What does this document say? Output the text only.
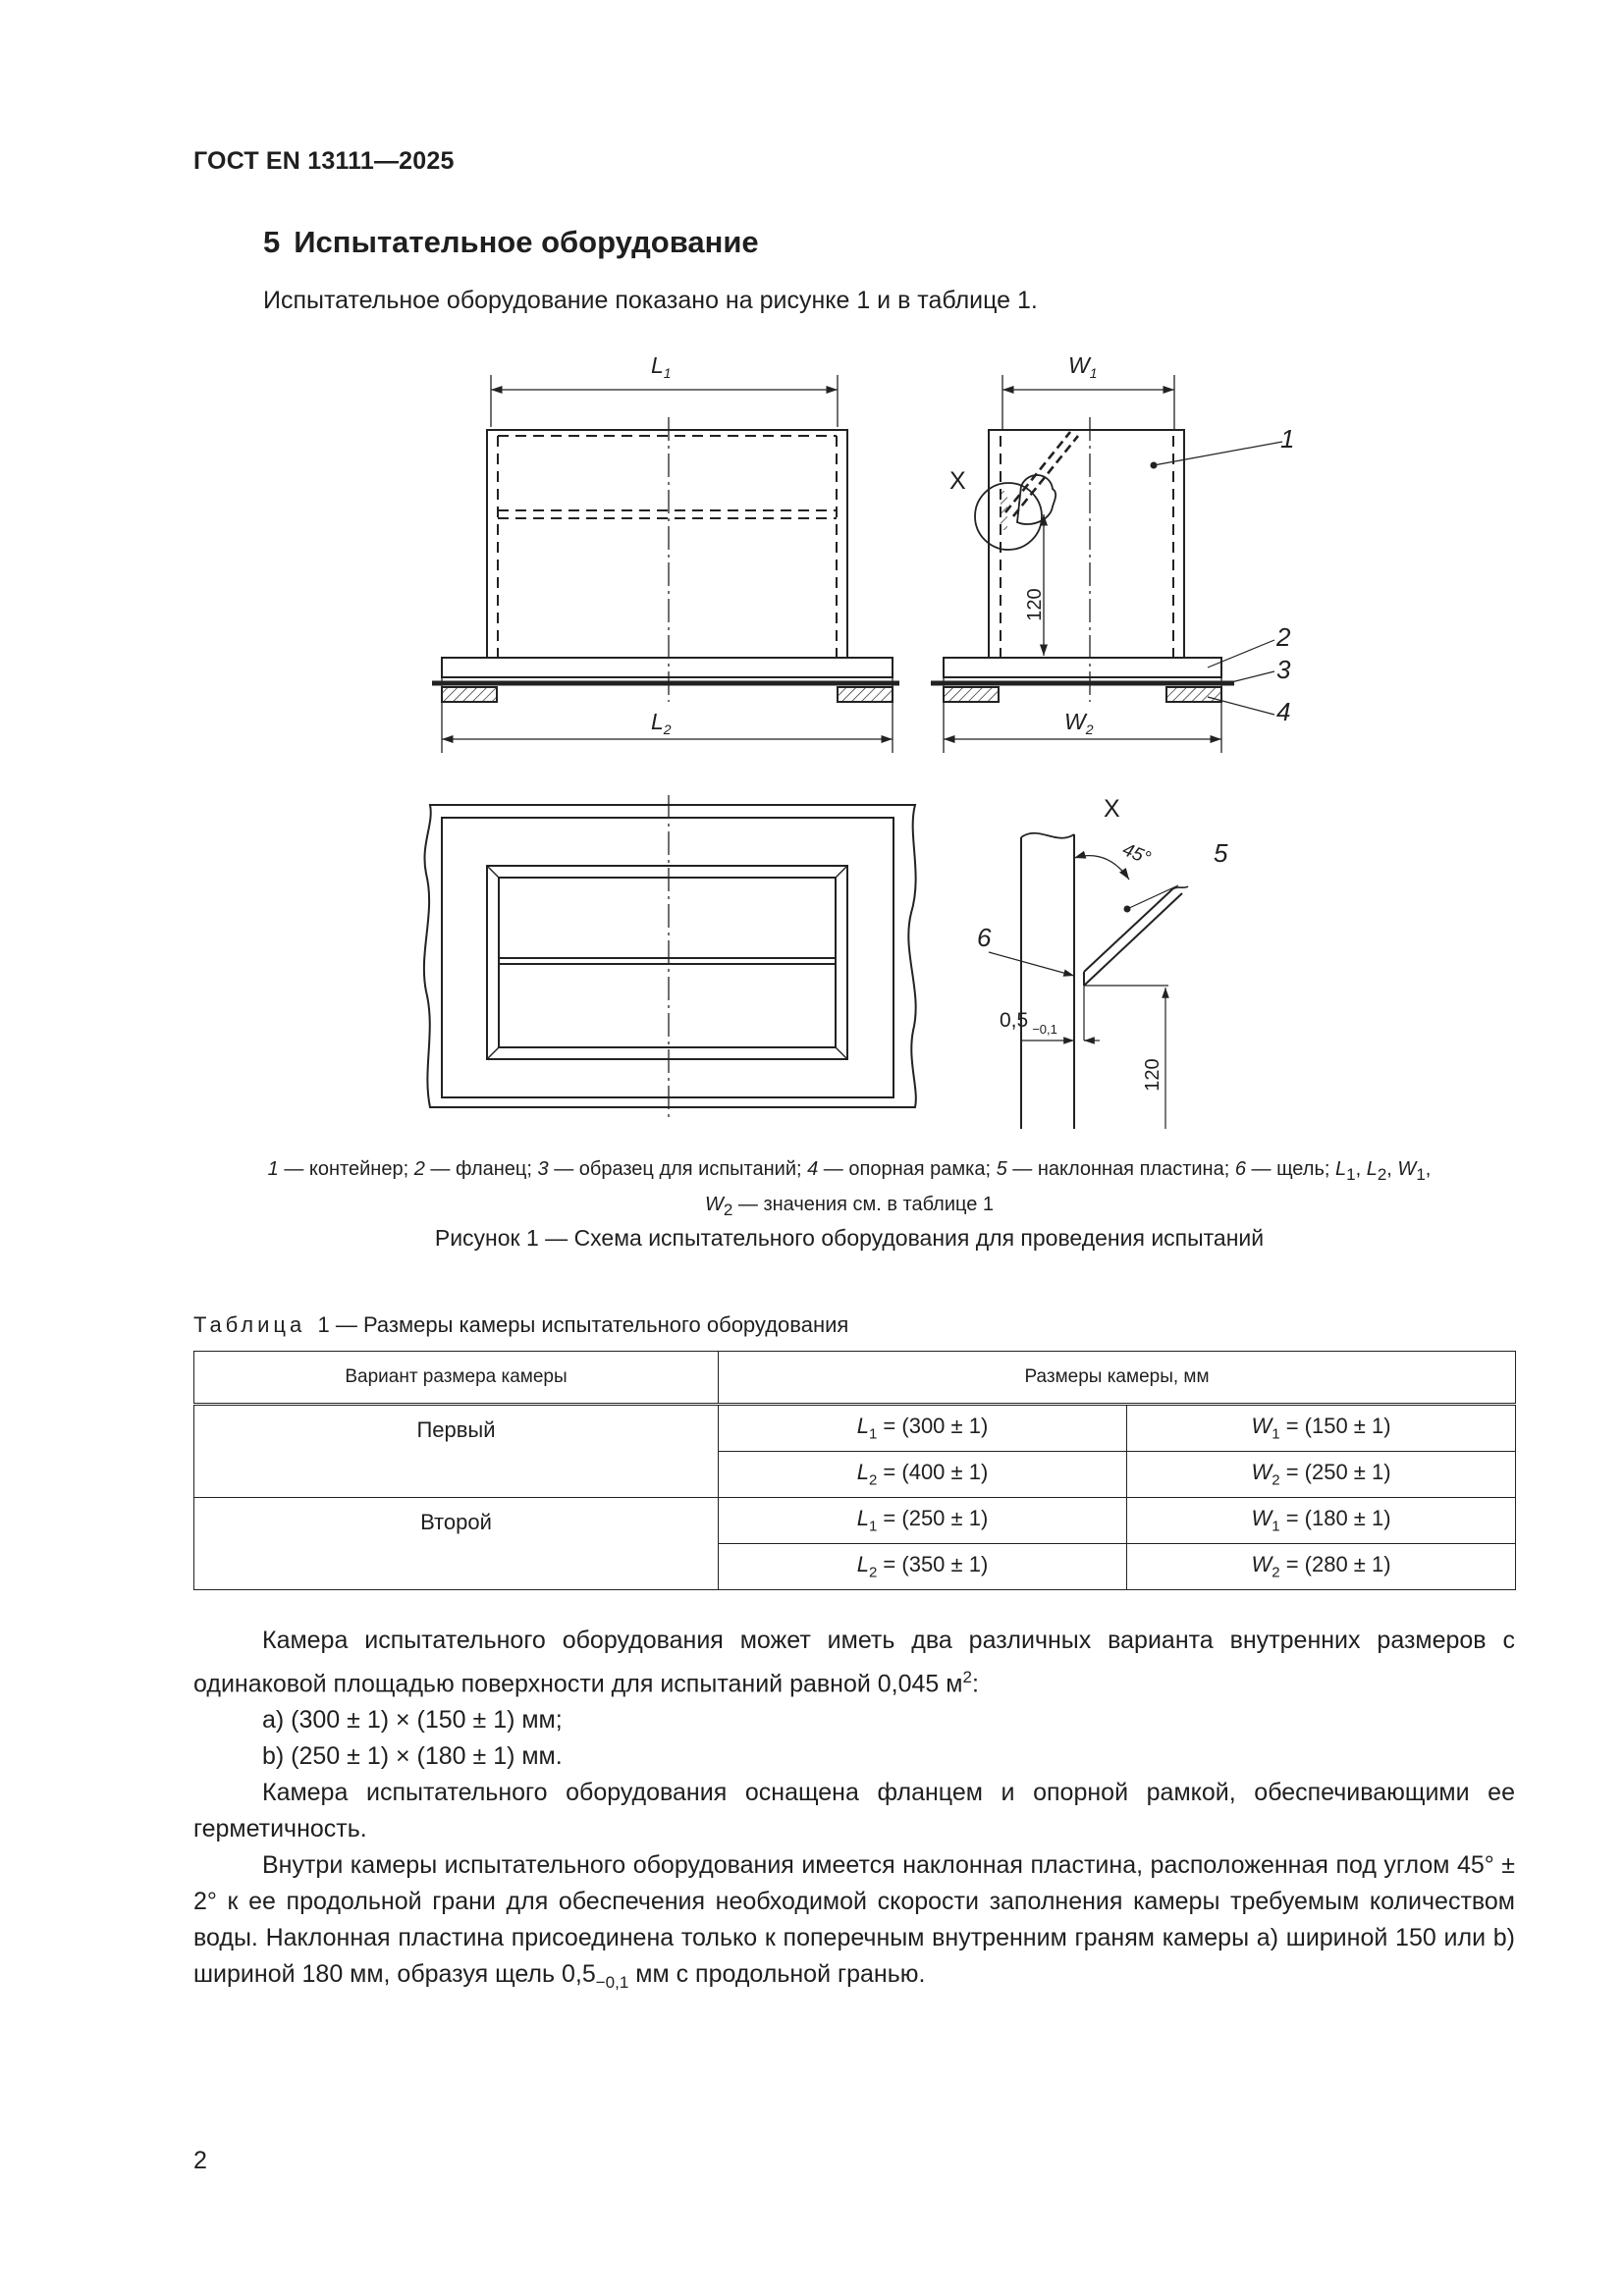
ГОСТ EN 13111—2025
5 Испытательное оборудование
Испытательное оборудование показано на рисунке 1 и в таблице 1.
$L_1$
$L_2$
$W_1$
$W_2$
X
120
1
2
3
4
X
45° 5
6
0,5 $_{-0,1}$
120
1 — контейнер; 2 — фланец; 3 — образец для испытаний; 4 — опорная рамка; 5 — наклонная пластина; 6 — щель; $L_1$, $L_2$, $W_1$,
$W_2$ — значения см. в таблице 1
Рисунок 1 — Схема испытательного оборудования для проведения испытаний
Таблица 1 — Размеры камеры испытательного оборудования
Вариант размера камеры	Размеры камеры, мм	
Первый	$L_1 = (300 \pm 1)$	$W_1 = (150 \pm 1)$
	$L_2 = (400 \pm 1)$	$W_2 = (250 \pm 1)$
Второй	$L_1 = (250 \pm 1)$	$W_1 = (180 \pm 1)$
	$L_2 = (350 \pm 1)$	$W_2 = (280 \pm 1)$

Камера испытательного оборудования может иметь два различных варианта внутренних размеров с одинаковой площадью поверхности для испытаний равной 0,045 $м^2$:

a) (300 ± 1) × (150 ± 1) мм;

b) (250 ± 1) × (180 ± 1) мм.

Камера испытательного оборудования оснащена фланцем и опорной рамкой, обеспечивающими ее герметичность.

Внутри камеры испытательного оборудования имеется наклонная пластина, расположенная под углом 45° ± 2° к ее продольной грани для обеспечения необходимой скорости заполнения камеры требуемым количеством воды. Наклонная пластина присоединена только к поперечным внутренним граням камеры a) шириной 150 или b) шириной 180 мм, образуя щель $0,5_{-0,1}$ мм с продольной гранью.

2
